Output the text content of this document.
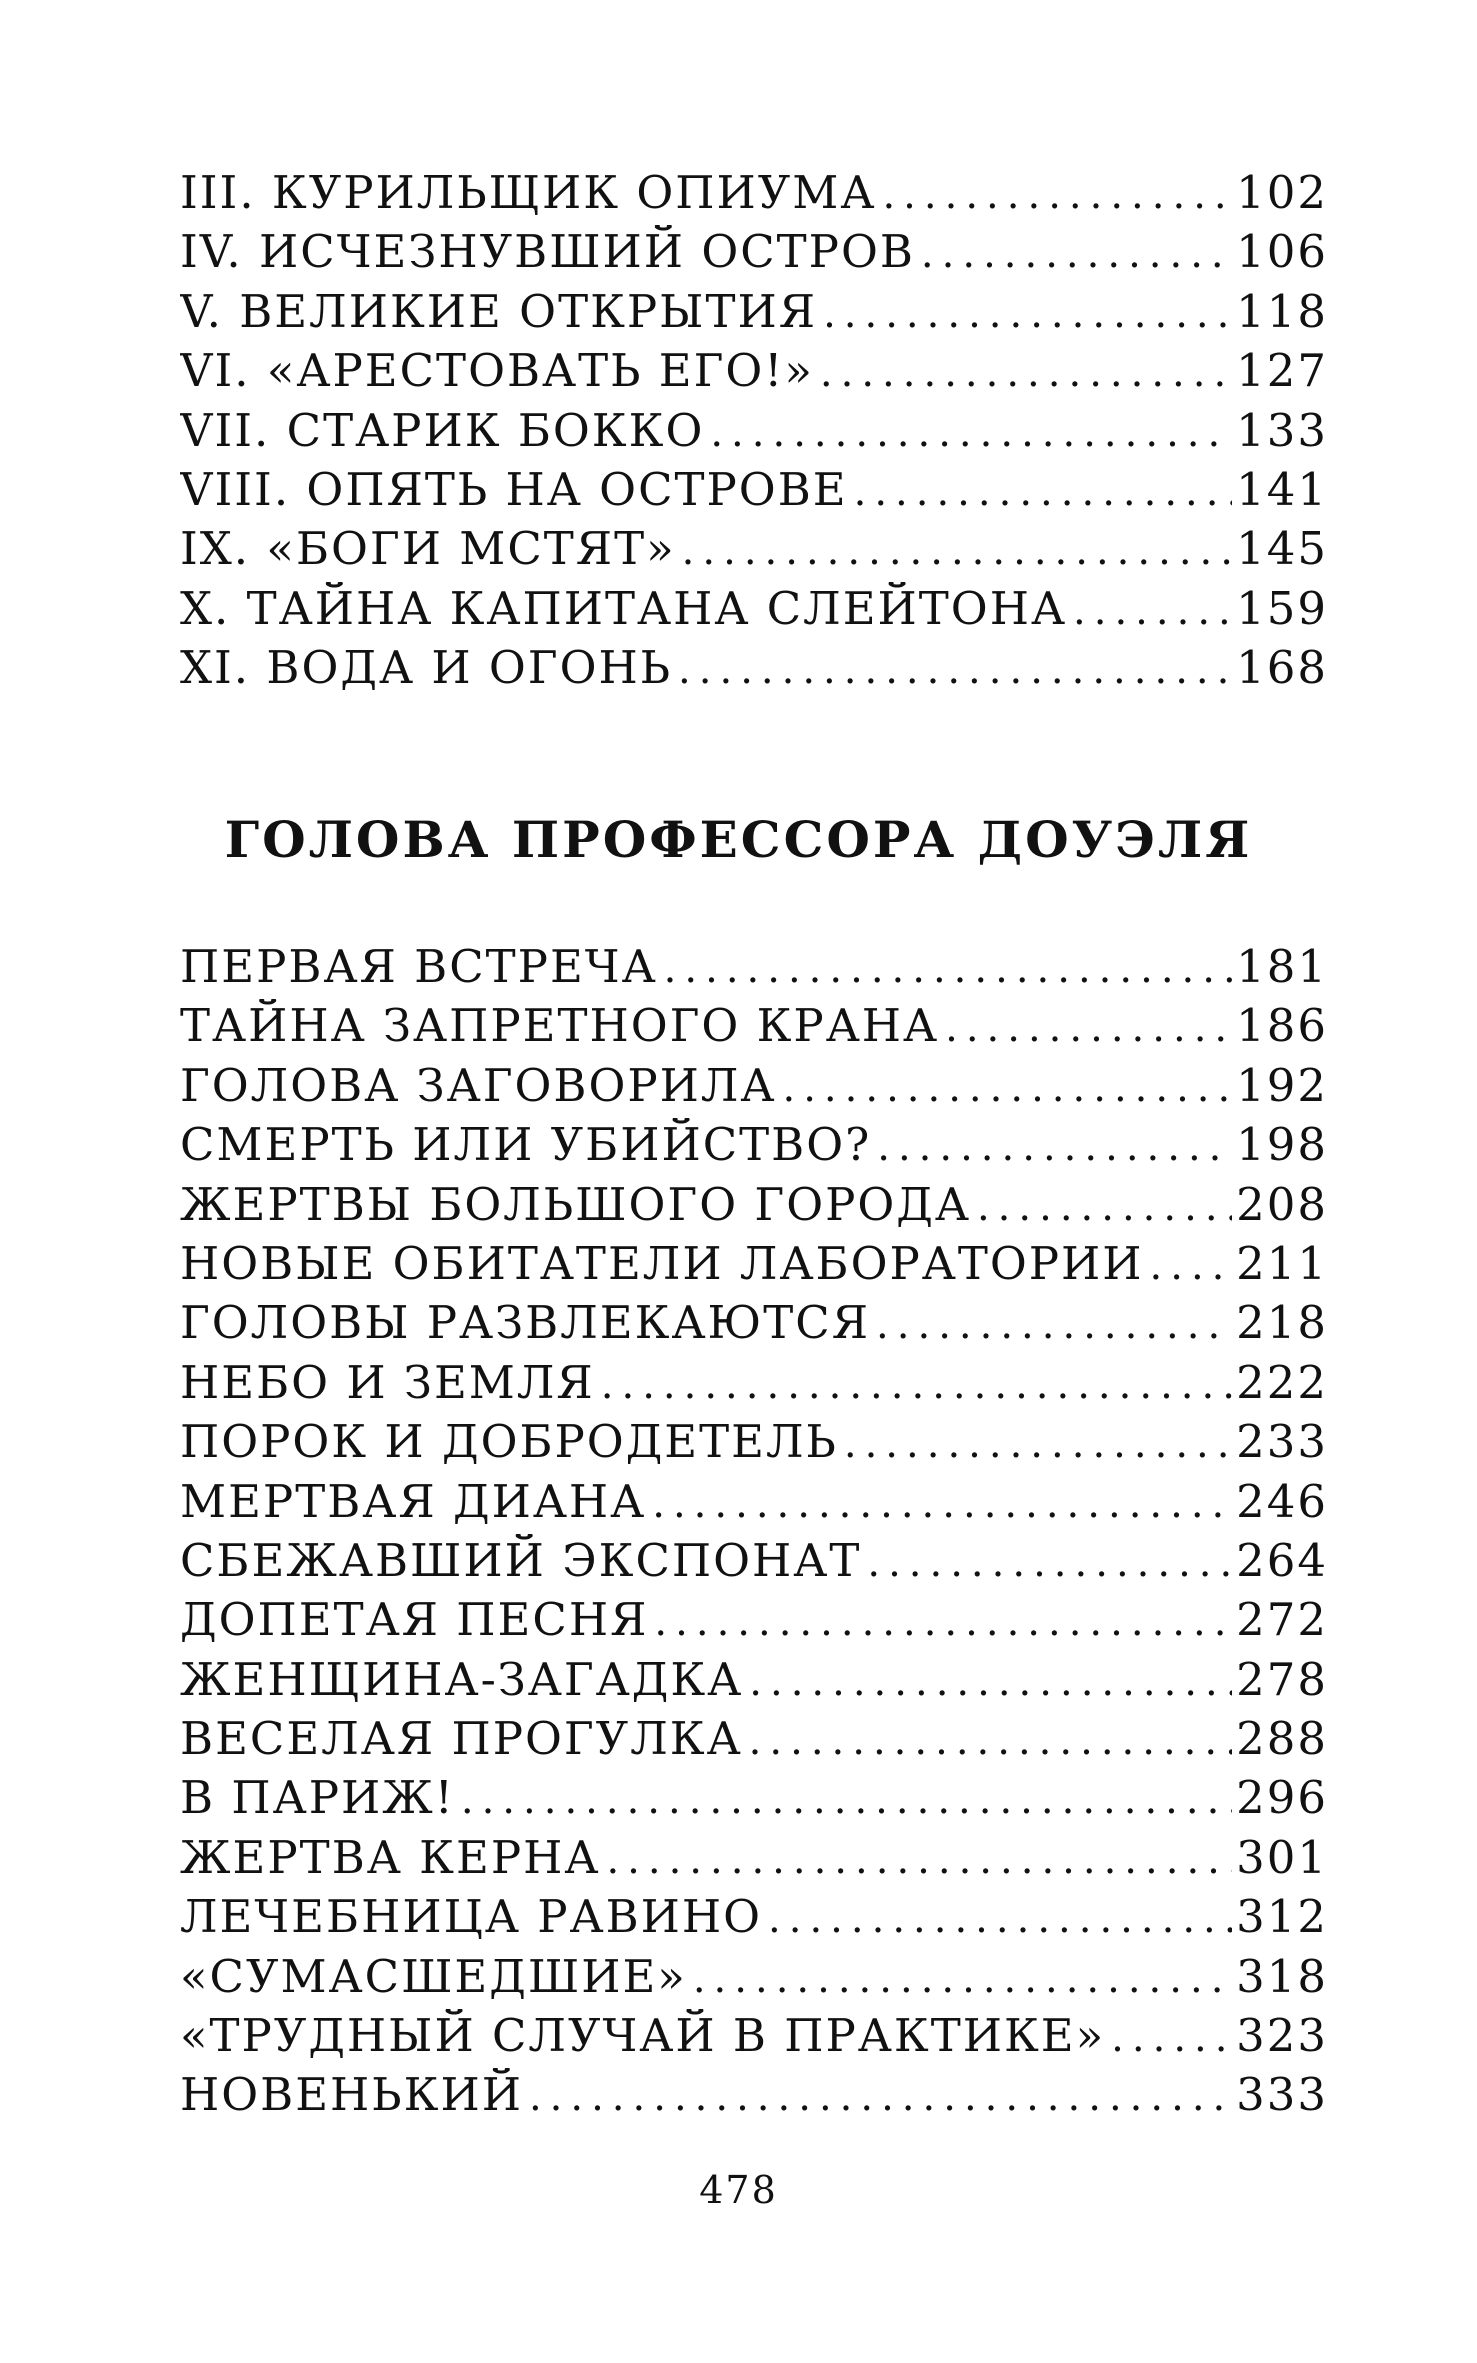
III. КУРИЛЬЩИК ОПИУМА .....	102
IV. ИСЧЕЗНУВШИЙ ОСТРОВ .....	106
V. ВЕЛИКИЕ ОТКРЫТИЯ .....	118
VI. «АРЕСТОВАТЬ ЕГО!» .....	127
VII. СТАРИК БОККО .....	133
VIII. ОПЯТЬ НА ОСТРОВЕ .....	141
IX. «БОГИ МСТЯТ» .....	145
X. ТАЙНА КАПИТАНА СЛЕЙТОНА .....	159
XI. ВОДА И ОГОНЬ .....	168
ГОЛОВА ПРОФЕССОРА ДОУЭЛЯ
ПЕРВАЯ ВСТРЕЧА .....	181
ТАЙНА ЗАПРЕТНОГО КРАНА .....	186
ГОЛОВА ЗАГОВОРИЛА .....	192
СМЕРТЬ ИЛИ УБИЙСТВО? .....	198
ЖЕРТВЫ БОЛЬШОГО ГОРОДА .....	208
НОВЫЕ ОБИТАТЕЛИ ЛАБОРАТОРИИ ..... 211
ГОЛОВЫ РАЗВЛЕКАЮТСЯ .....	218
НЕБО И ЗЕМЛЯ .....	222
ПОРОК И ДОБРОДЕТЕЛЬ .....	233
МЕРТВАЯ ДИАНА .....	246
СБЕЖАВШИЙ ЭКСПОНАТ .....	264
ДОПЕТАЯ ПЕСНЯ .....	272
ЖЕНЩИНА-ЗАГАДКА .....	278
ВЕСЕЛАЯ ПРОГУЛКА .....	288
В ПАРИЖ! .....	296
ЖЕРТВА КЕРНА .....	301
ЛЕЧЕБНИЦА РАВИНО .....	312
«СУМАСШЕДШИЕ» .....	318
«ТРУДНЫЙ СЛУЧАЙ В ПРАКТИКЕ» .....	323
НОВЕНЬКИЙ .....	333
478
